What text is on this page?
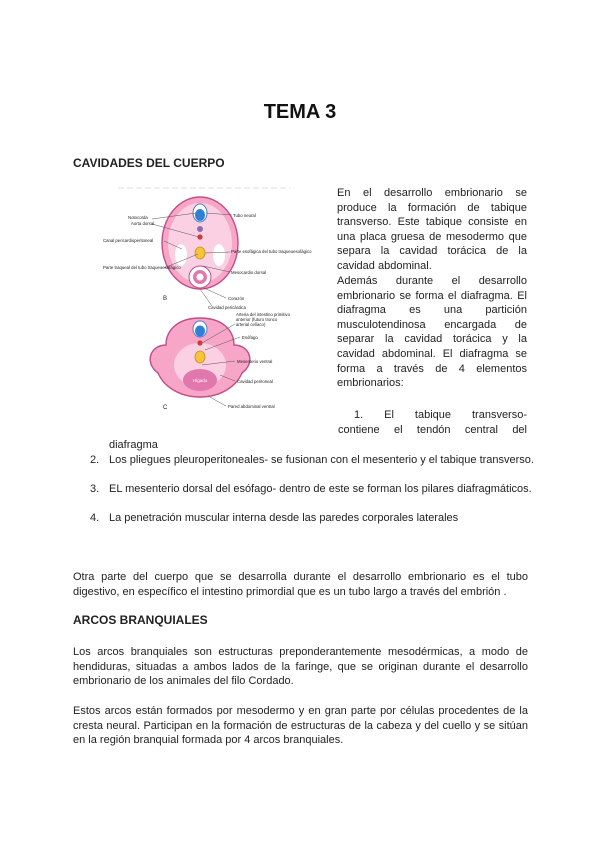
TEMA 3
CAVIDADES DEL CUERPO
Notocorda
Aorta dorsal
Tubo neural
Canal pericardioperitoneal
Parte esofágica del tubo traqueoesofágico
Parte traqueal del tubo traqueoesofágico
Mesocardio dorsal
Corazón
Cavidad pericárdica
B
Hígado
Arteria del intestino primitivo anterior (futuro tronco arterial celíaco)
Esófago
Mesenterio ventral
Cavidad peritoneal
Pared abdominal ventral
C
En el desarrollo embrionario se
produce la formación de tabique
transverso. Este tabique consiste en
una placa gruesa de mesodermo que
separa la cavidad torácica de la
cavidad abdominal.
Además durante el desarrollo
embrionario se forma el diafragma. El
diafragma es una partición
musculotendinosa encargada de
separar la cavidad torácica y la
cavidad abdominal. El diafragma se
forma a través de 4 elementos
embrionarios:
1. El tabique transverso-
contiene el tendón central del
diafragma
2. Los pliegues pleuroperitoneales- se fusionan con el mesenterio y el tabique transverso.
3. EL mesenterio dorsal del esófago- dentro de este se forman los pilares diafragmáticos.
4. La penetración muscular interna desde las paredes corporales laterales
Otra parte del cuerpo que se desarrolla durante el desarrollo embrionario es el tubo digestivo, en específico el intestino primordial que es un tubo largo a través del embrión .
ARCOS BRANQUIALES
Los arcos branquiales son estructuras preponderantemente mesodérmicas, a modo de hendiduras, situadas a ambos lados de la faringe, que se originan durante el desarrollo embrionario de los animales del filo Cordado.
Estos arcos están formados por mesodermo y en gran parte por células procedentes de la cresta neural. Participan en la formación de estructuras de la cabeza y del cuello y se sitúan en la región branquial formada por 4 arcos branquiales.
